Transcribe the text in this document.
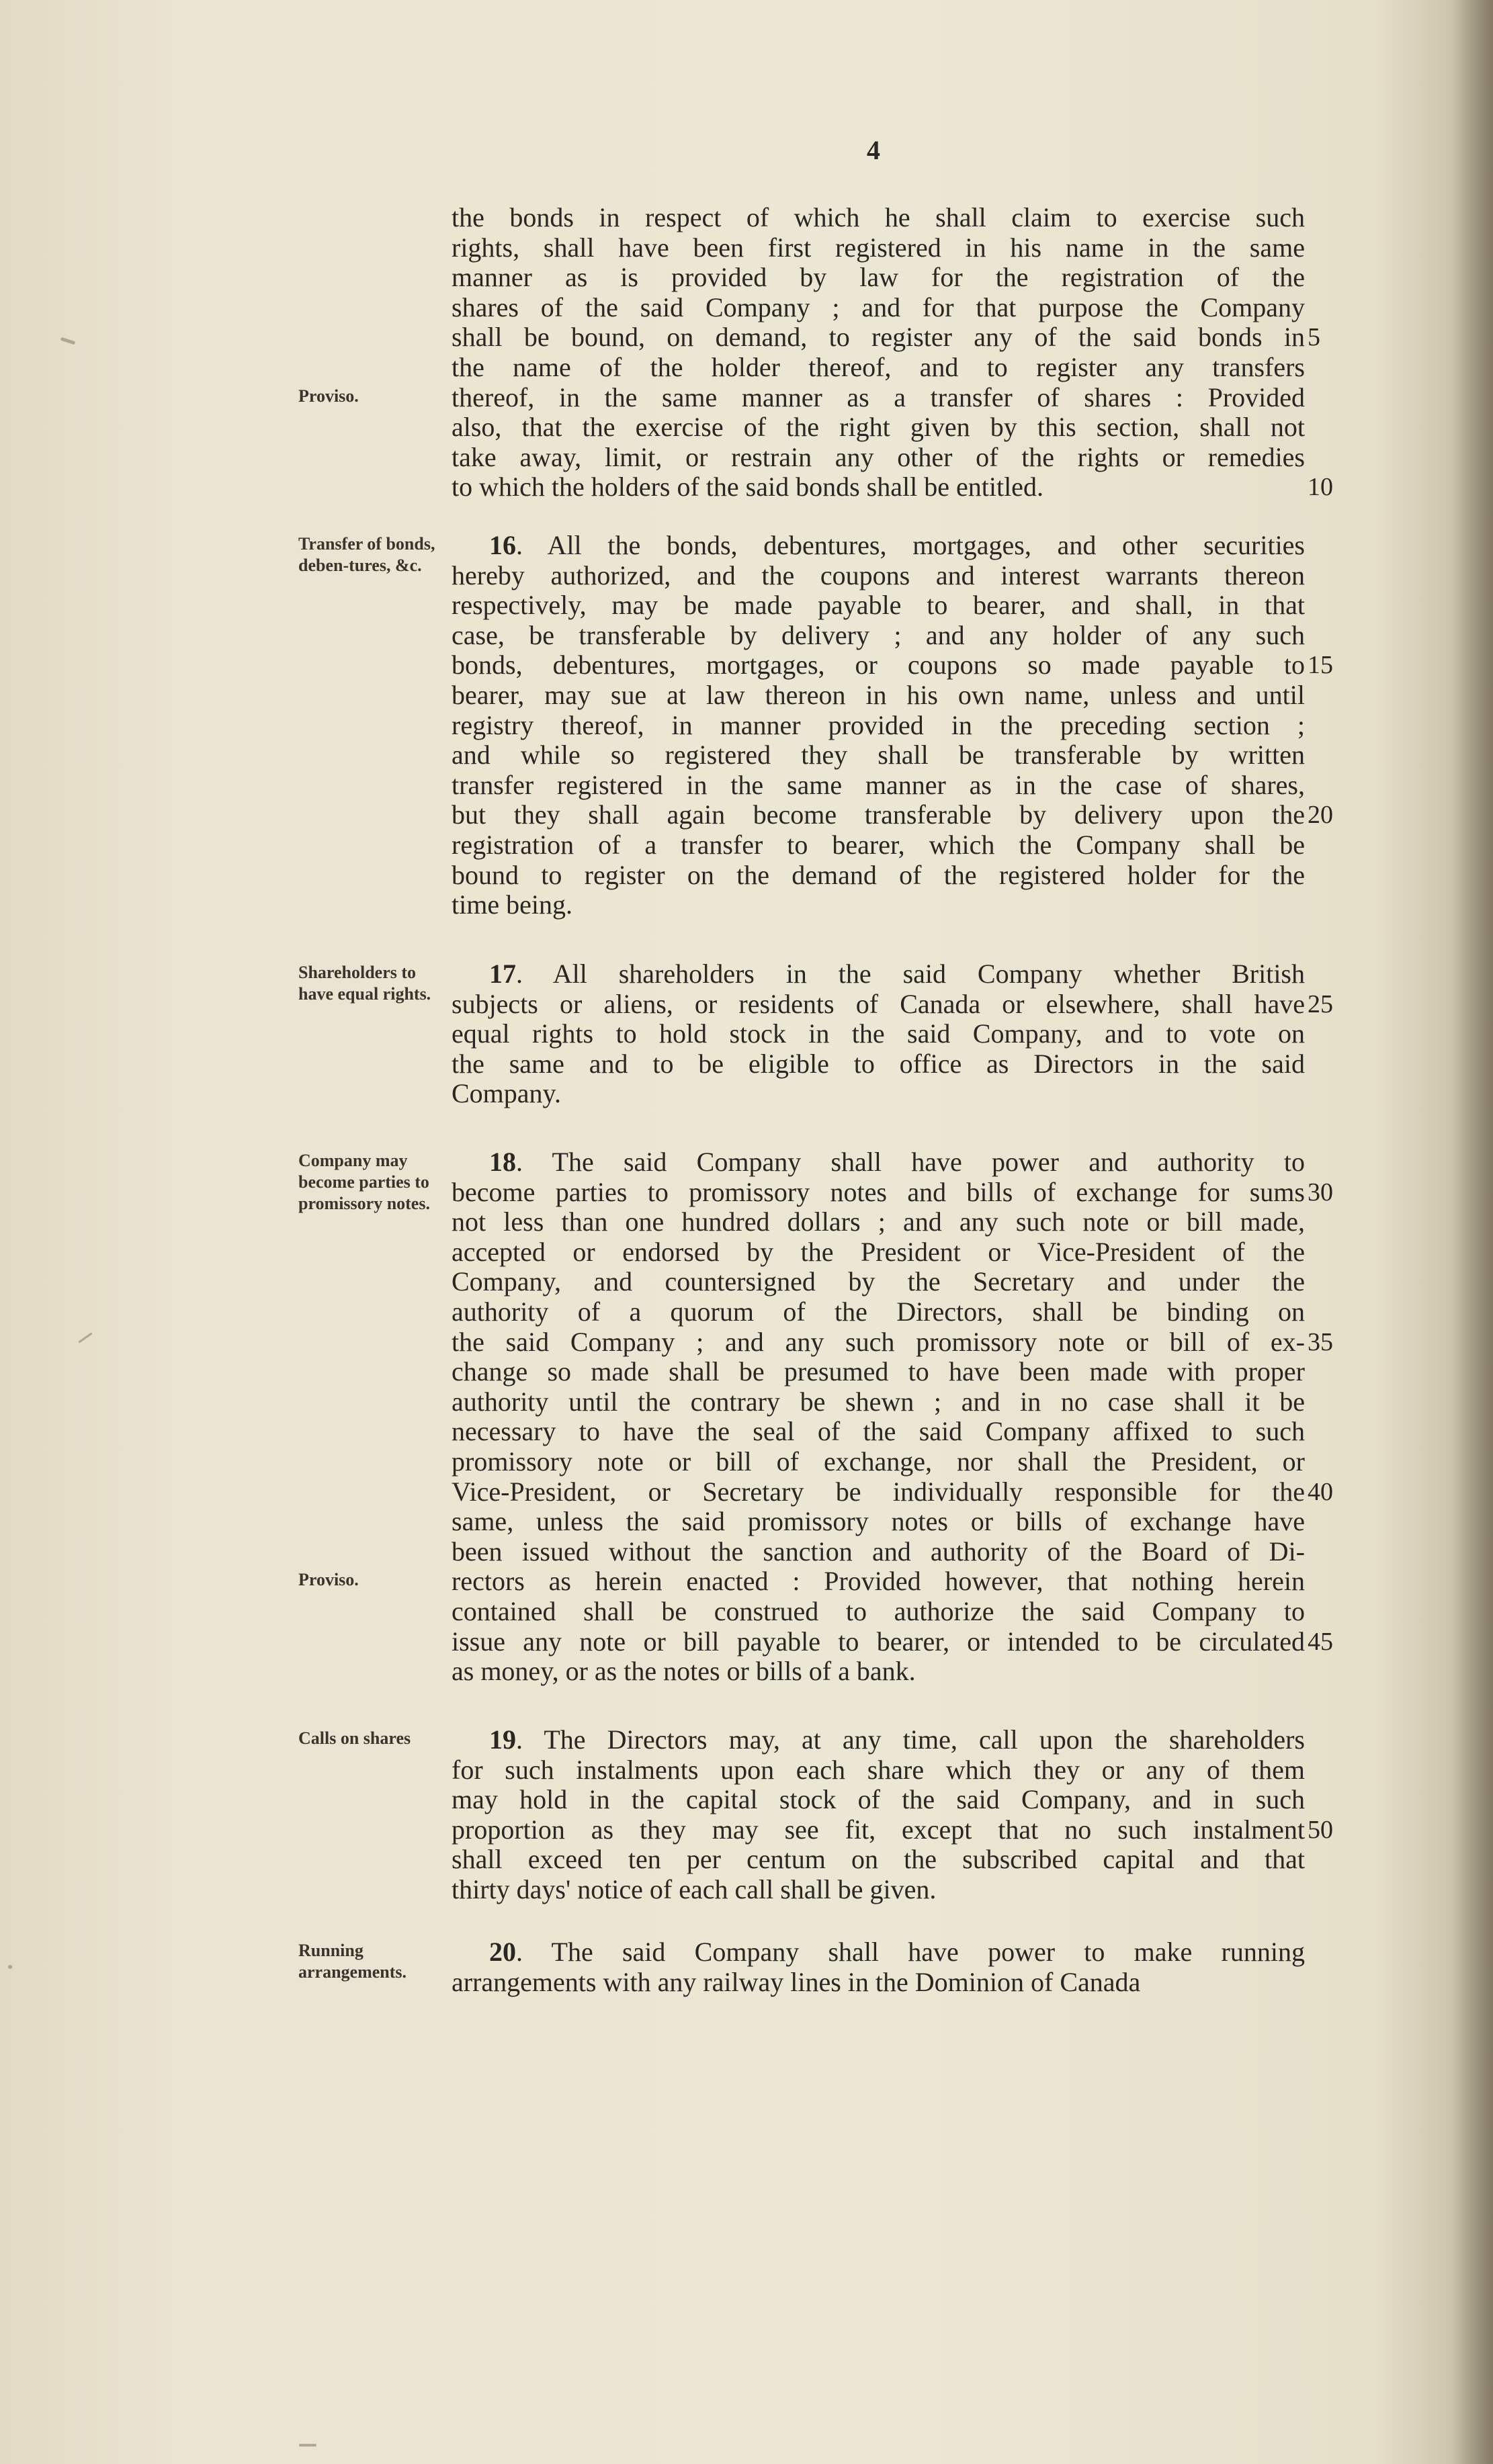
4
Proviso.
the bonds in respect of which he shall claim to exercise such
rights, shall have been first registered in his name in the same
manner as is provided by law for the registration of the
shares of the said Company ; and for that purpose the Company
shall be bound, on demand, to register any of the said bonds in
the name of the holder thereof, and to register any transfers
thereof, in the same manner as a transfer of shares : Provided
also, that the exercise of the right given by this section, shall not
take away, limit, or restrain any other of the rights or remedies
to which the holders of the said bonds shall be entitled.
5
10
Transfer of bonds, deben-tures, &c.
16. All the bonds, debentures, mortgages, and other securities
hereby authorized, and the coupons and interest warrants thereon
respectively, may be made payable to bearer, and shall, in that
case, be transferable by delivery ; and any holder of any such
bonds, debentures, mortgages, or coupons so made payable to
bearer, may sue at law thereon in his own name, unless and until
registry thereof, in manner provided in the preceding section ;
and while so registered they shall be transferable by written
transfer registered in the same manner as in the case of shares,
but they shall again become transferable by delivery upon the
registration of a transfer to bearer, which the Company shall be
bound to register on the demand of the registered holder for the
time being.
15
20
Shareholders to have equal rights.
17. All shareholders in the said Company whether British
subjects or aliens, or residents of Canada or elsewhere, shall have
equal rights to hold stock in the said Company, and to vote on
the same and to be eligible to office as Directors in the said
Company.
25
Company may become parties to promissory notes.
Proviso.
18. The said Company shall have power and authority to
become parties to promissory notes and bills of exchange for sums
not less than one hundred dollars ; and any such note or bill made,
accepted or endorsed by the President or Vice-President of the
Company, and countersigned by the Secretary and under the
authority of a quorum of the Directors, shall be binding on
the said Company ; and any such promissory note or bill of ex-
change so made shall be presumed to have been made with proper
authority until the contrary be shewn ; and in no case shall it be
necessary to have the seal of the said Company affixed to such
promissory note or bill of exchange, nor shall the President, or
Vice-President, or Secretary be individually responsible for the
same, unless the said promissory notes or bills of exchange have
been issued without the sanction and authority of the Board of Di-
rectors as herein enacted : Provided however, that nothing herein
contained shall be construed to authorize the said Company to
issue any note or bill payable to bearer, or intended to be circulated
as money, or as the notes or bills of a bank.
30
35
40
45
Calls on shares	19. The Directors may, at any time, call upon the shareholders
for such instalments upon each share which they or any of them
may hold in the capital stock of the said Company, and in such
proportion as they may see fit, except that no such instalment
shall exceed ten per centum on the subscribed capital and that
thirty days' notice of each call shall be given.
50
Running arrangements.
20. The said Company shall have power to make running
arrangements with any railway lines in the Dominion of Canada
